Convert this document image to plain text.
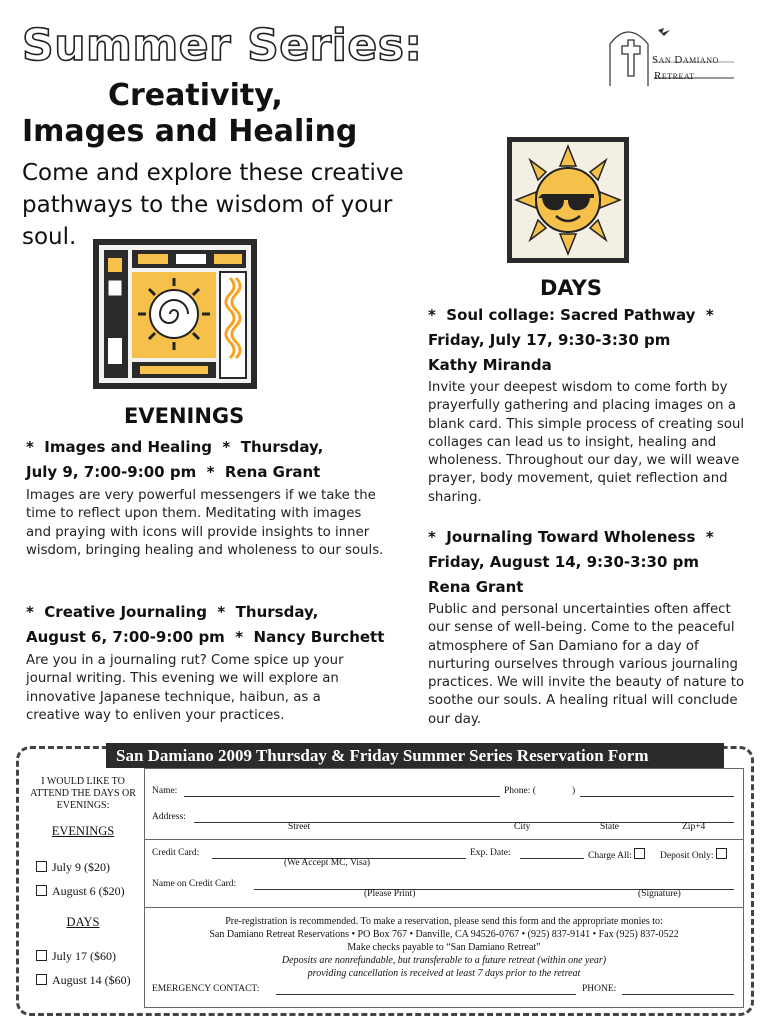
Summer Series:
Creativity,
Images and Healing
Come and explore these creative pathways to the wisdom of your soul.
San Damiano
Retreat
EVENINGS
*  Images and Healing  *  Thursday,
July 9, 7:00-9:00 pm  *  Rena Grant
Images are very powerful messengers if we take the time to reflect upon them. Meditating with images and praying with icons will provide insights to inner wisdom, bringing healing and wholeness to our souls.
*  Creative Journaling  *  Thursday,
August 6, 7:00-9:00 pm  *  Nancy Burchett
Are you in a journaling rut? Come spice up your journal writing. This evening we will explore an innovative Japanese technique, haibun, as a creative way to enliven your practices.
DAYS
*  Soul collage: Sacred Pathway  *
Friday, July 17, 9:30-3:30 pm
Kathy Miranda
Invite your deepest wisdom to come forth by prayerfully gathering and placing images on a blank card. This simple process of creating soul collages can lead us to insight, healing and wholeness. Throughout our day, we will weave prayer, body movement, quiet reflection and sharing.
*  Journaling Toward Wholeness  *
Friday, August 14, 9:30-3:30 pm
Rena Grant
Public and personal uncertainties often affect our sense of well-being. Come to the peaceful atmosphere of San Damiano for a day of nurturing ourselves through various journaling practices. We will invite the beauty of nature to soothe our souls. A healing ritual will conclude our day.
San Damiano 2009 Thursday & Friday Summer Series Reservation Form
I WOULD LIKE TO ATTEND THE DAYS OR EVENINGS:
EVENINGS
July 9 ($20)
August 6 ($20)
DAYS
July 17 ($60)
August 14 ($60)
Name:	Phone: (	)
Address:
Street	City	State	Zip+4
Credit Card:	Exp. Date:	Charge All:	Deposit Only:
(We Accept MC, Visa)
Name on Credit Card:
(Please Print)	(Signature)
Pre-registration is recommended. To make a reservation, please send this form and the appropriate monies to:
San Damiano Retreat Reservations • PO Box 767 • Danville, CA 94526-0767 • (925) 837-9141 • Fax (925) 837-0522
Make checks payable to “San Damiano Retreat”
Deposits are nonrefundable, but transferable to a future retreat (within one year)
providing cancellation is received at least 7 days prior to the retreat
EMERGENCY CONTACT:	PHONE:
